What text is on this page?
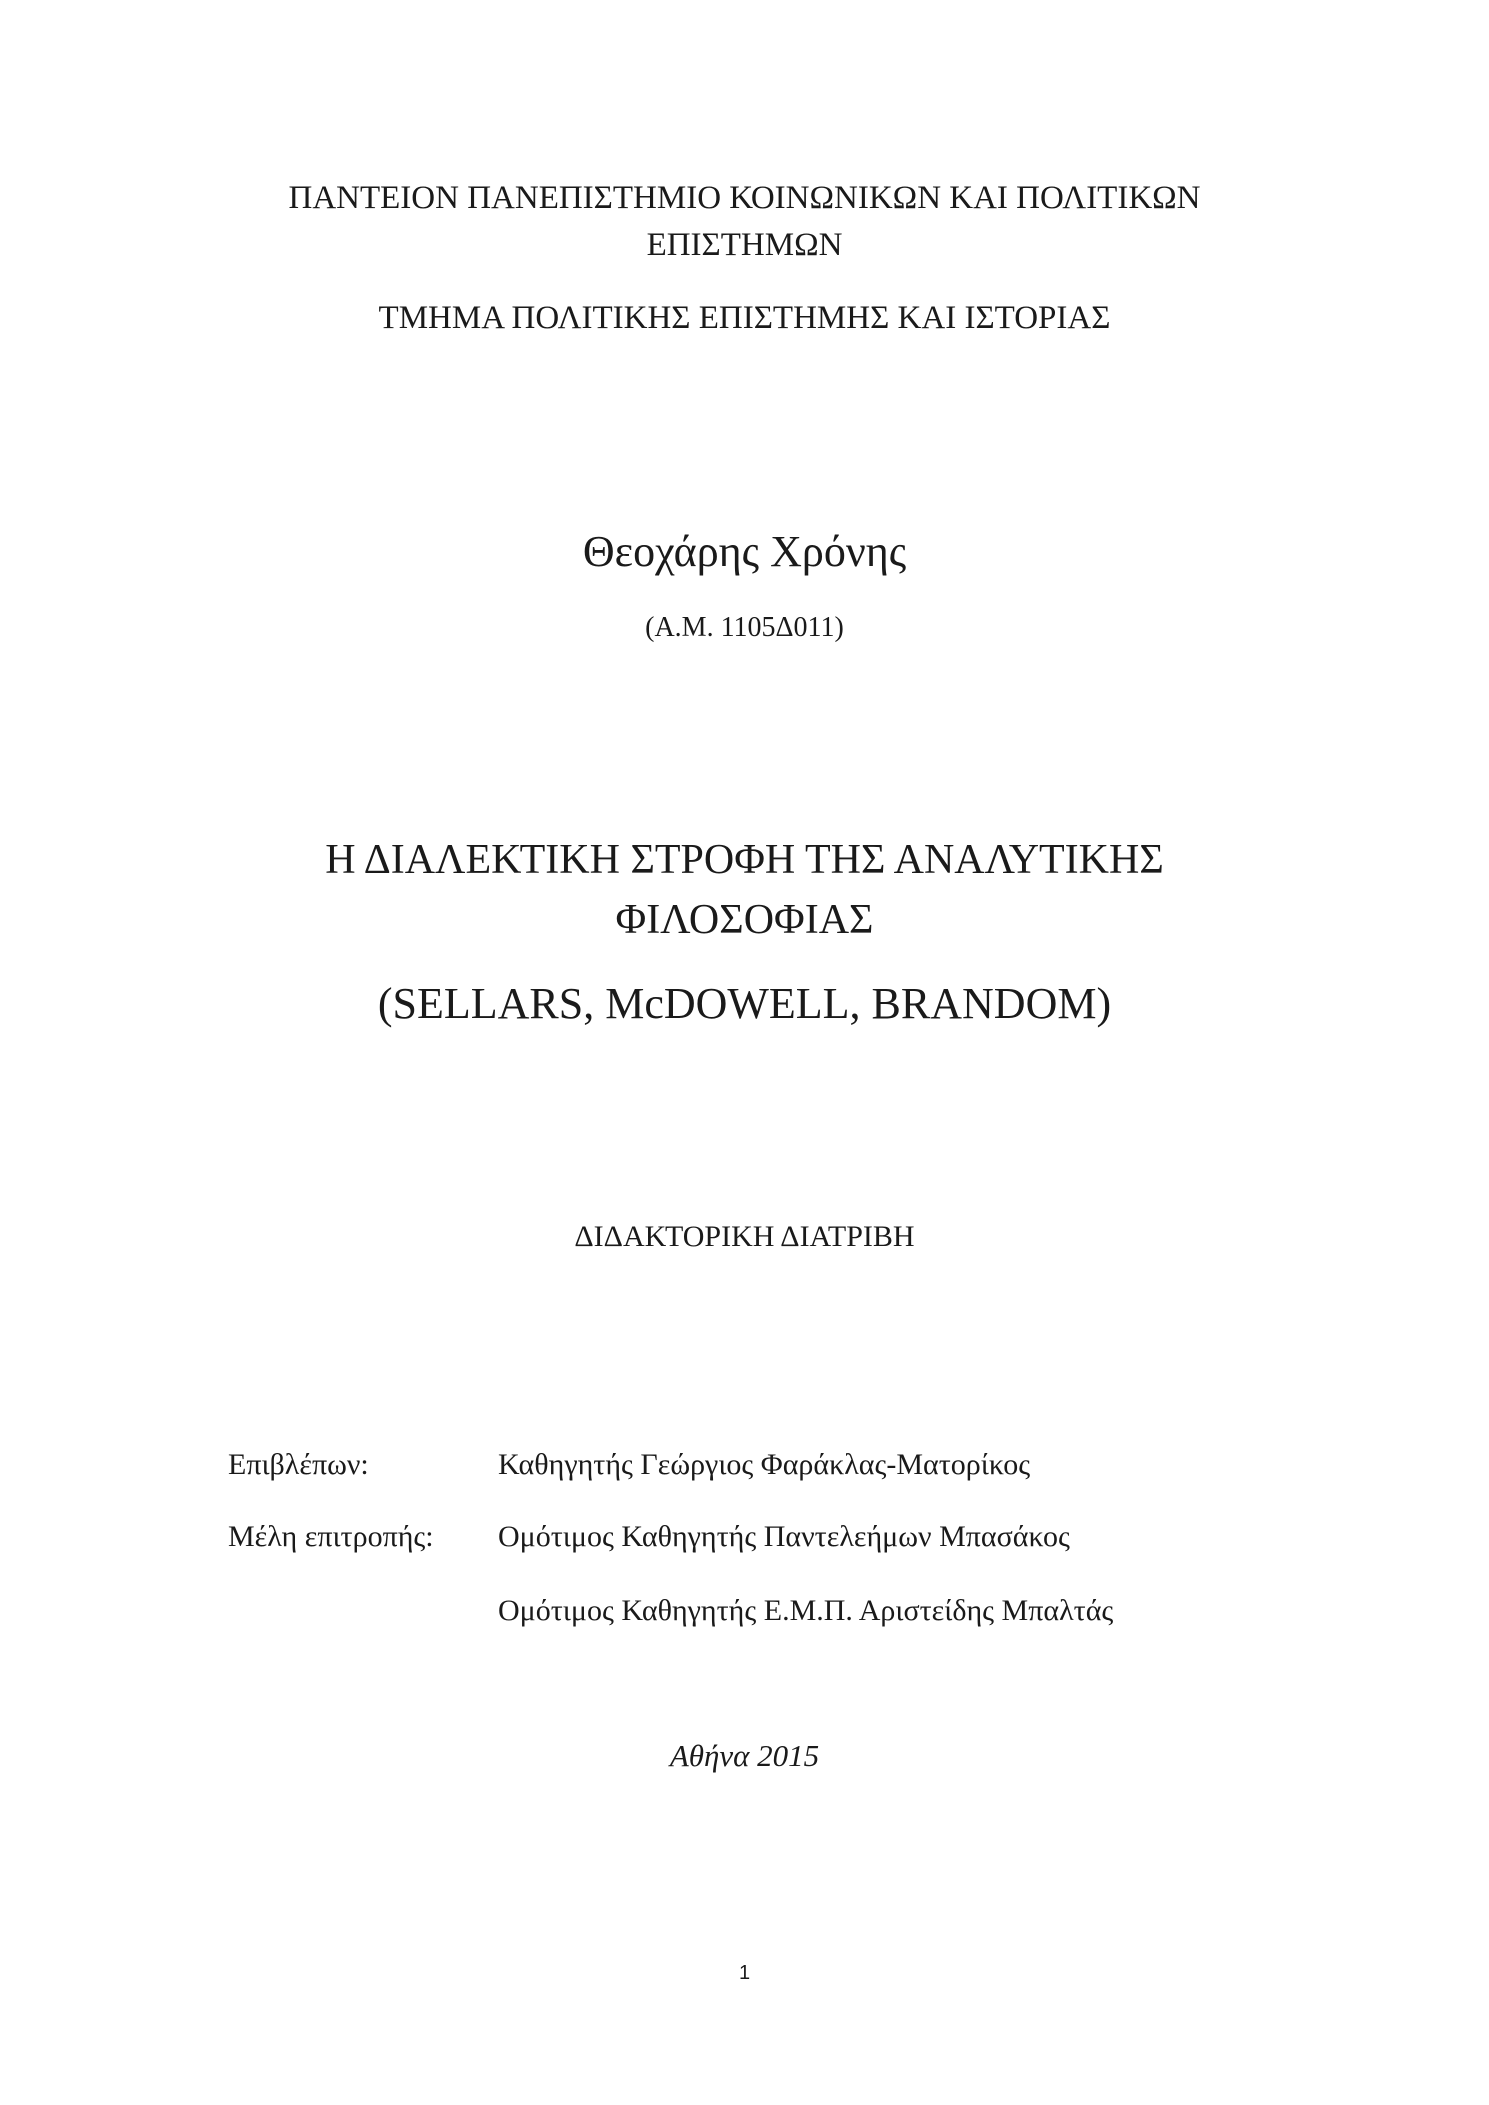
ΠΑΝΤΕΙΟΝ ΠΑΝΕΠΙΣΤΗΜΙΟ ΚΟΙΝΩΝΙΚΩΝ ΚΑΙ ΠΟΛΙΤΙΚΩΝ
ΕΠΙΣΤΗΜΩΝ
ΤΜΗΜΑ ΠΟΛΙΤΙΚΗΣ ΕΠΙΣΤΗΜΗΣ ΚΑΙ ΙΣΤΟΡΙΑΣ
Θεοχάρης Χρόνης
(Α.Μ. 1105Δ011)
Η ΔΙΑΛΕΚΤΙΚΗ ΣΤΡΟΦΗ ΤΗΣ ΑΝΑΛΥΤΙΚΗΣ
ΦΙΛΟΣΟΦΙΑΣ
(SELLARS, McDOWELL, BRANDOM)
ΔΙΔΑΚΤΟΡΙΚΗ ΔΙΑΤΡΙΒΗ
Επιβλέπων:	Καθηγητής Γεώργιος Φαράκλας-Ματορίκος
Μέλη επιτροπής: Ομότιμος Καθηγητής Παντελεήμων Μπασάκος
Ομότιμος Καθηγητής Ε.Μ.Π. Αριστείδης Μπαλτάς
Αθήνα 2015
1
